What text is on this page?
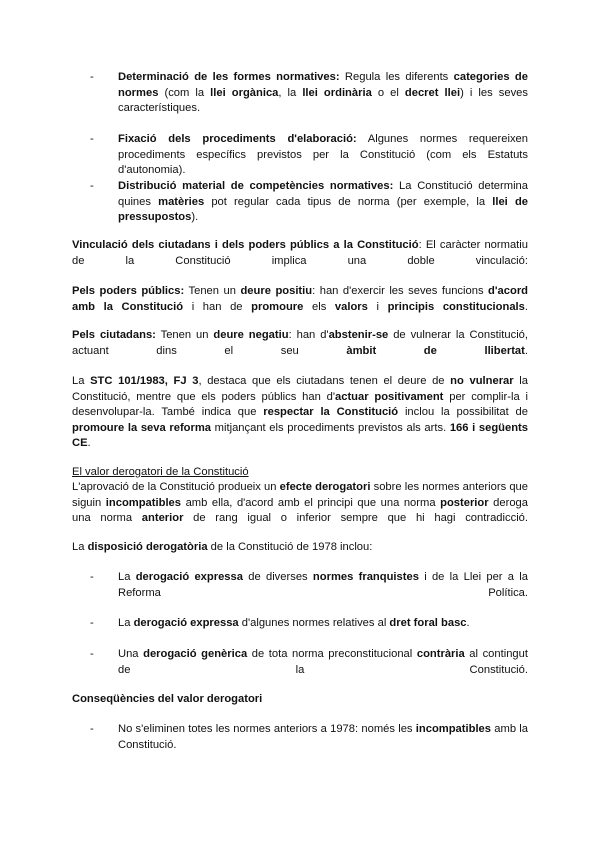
- Determinació de les formes normatives: Regula les diferents categories de normes (com la llei orgànica, la llei ordinària o el decret llei) i les seves característiques.

- Fixació dels procediments d'elaboració: Algunes normes requereixen procediments específics previstos per la Constitució (com els Estatuts d'autonomia).

- Distribució material de competències normatives: La Constitució determina quines matèries pot regular cada tipus de norma (per exemple, la llei de pressupostos).

Vinculació dels ciutadans i dels poders públics a la Constitució: El caràcter normatiu de la Constitució implica una doble vinculació:

Pels poders públics: Tenen un deure positiu: han d'exercir les seves funcions d'acord amb la Constitució i han de promoure els valors i principis constitucionals.

Pels ciutadans: Tenen un deure negatiu: han d'abstenir-se de vulnerar la Constitució, actuant dins el seu àmbit de llibertat.

La STC 101/1983, FJ 3, destaca que els ciutadans tenen el deure de no vulnerar la Constitució, mentre que els poders públics han d'actuar positivament per complir-la i desenvolupar-la. També indica que respectar la Constitució inclou la possibilitat de promoure la seva reforma mitjançant els procediments previstos als arts. 166 i següents CE.

El valor derogatori de la Constitució

L'aprovació de la Constitució produeix un efecte derogatori sobre les normes anteriors que siguin incompatibles amb ella, d'acord amb el principi que una norma posterior deroga una norma anterior de rang igual o inferior sempre que hi hagi contradicció.

La disposició derogatòria de la Constitució de 1978 inclou:

- La derogació expressa de diverses normes franquistes i de la Llei per a la Reforma Política.

- La derogació expressa d'algunes normes relatives al dret foral basc.

- Una derogació genèrica de tota norma preconstitucional contrària al contingut de la Constitució.

Conseqüències del valor derogatori

- No s'eliminen totes les normes anteriors a 1978: només les incompatibles amb la Constitució.
